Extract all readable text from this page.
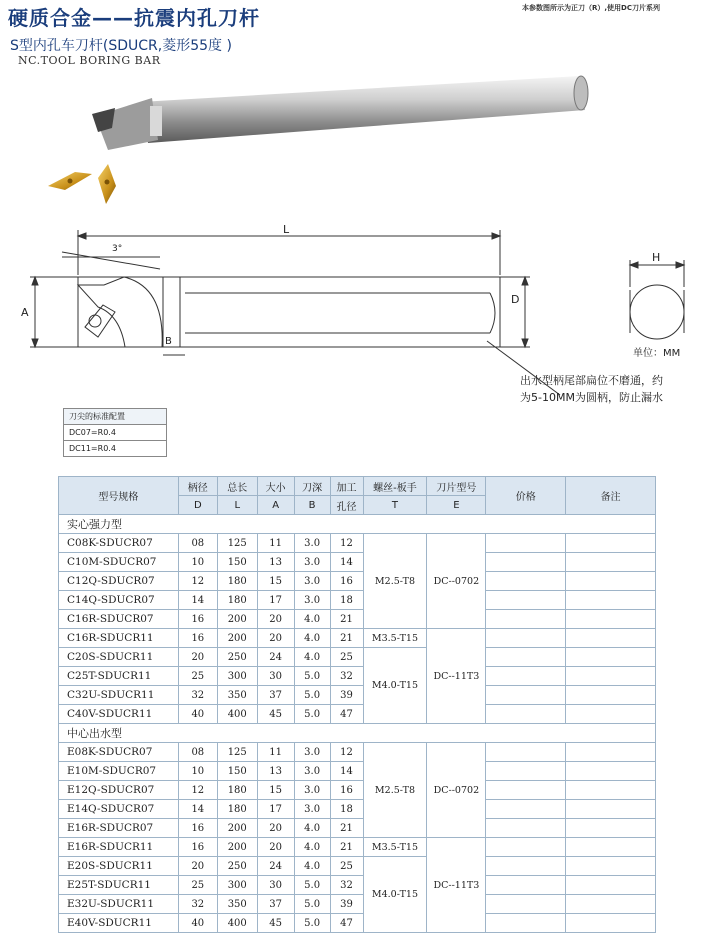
硬质合金——抗震内孔刀杆
S型内孔车刀杆(SDUCR,菱形55度 )
NC.TOOL BORING BAR
本参数图所示为正刀（R）,使用DC刀片系列
L
3°
A
B
D
H
单位：MM
出水型柄尾部扁位不磨通，约
为5-10MM为圆柄，防止漏水
刀尖的标准配置
DC07=R0.4
DC11=R0.4
型号规格	柄径	总长	大小	刀深	加工	螺丝-板手	刀片型号	价格	备注
	D	L	A	B	孔径	T	E		
实心强力型									
C08K-SDUCR07	08	125	11	3.0	12	M2.5-T8	DC--0702		
C10M-SDUCR07	10	150	13	3.0	14				
C12Q-SDUCR07	12	180	15	3.0	16				
C14Q-SDUCR07	14	180	17	3.0	18				
C16R-SDUCR07	16	200	20	4.0	21				
C16R-SDUCR11	16	200	20	4.0	21	M3.5-T15	DC--11T3		
C20S-SDUCR11	20	250	24	4.0	25	M4.0-T15			
C25T-SDUCR11	25	300	30	5.0	32				
C32U-SDUCR11	32	350	37	5.0	39				
C40V-SDUCR11	40	400	45	5.0	47				
中心出水型									
E08K-SDUCR07	08	125	11	3.0	12	M2.5-T8	DC--0702		
E10M-SDUCR07	10	150	13	3.0	14				
E12Q-SDUCR07	12	180	15	3.0	16				
E14Q-SDUCR07	14	180	17	3.0	18				
E16R-SDUCR07	16	200	20	4.0	21				
E16R-SDUCR11	16	200	20	4.0	21	M3.5-T15	DC--11T3		
E20S-SDUCR11	20	250	24	4.0	25	M4.0-T15			
E25T-SDUCR11	25	300	30	5.0	32				
E32U-SDUCR11	32	350	37	5.0	39				
E40V-SDUCR11	40	400	45	5.0	47				
